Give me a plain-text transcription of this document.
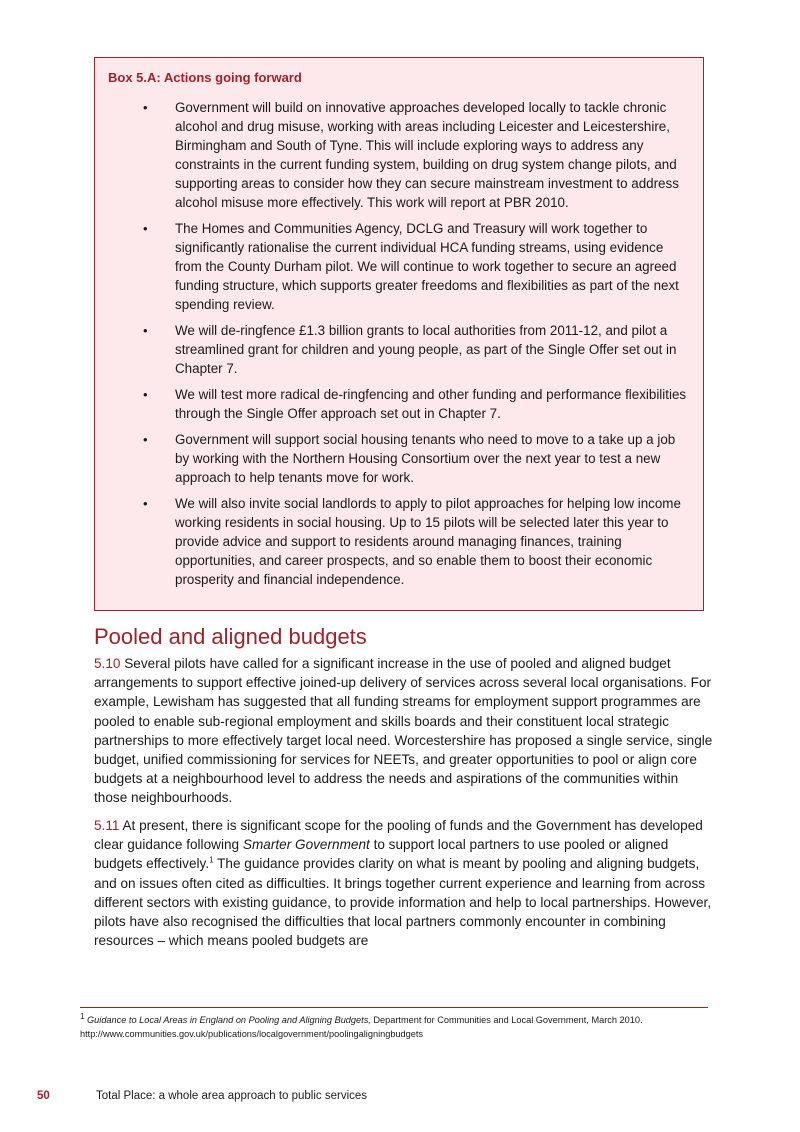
Box 5.A: Actions going forward
• Government will build on innovative approaches developed locally to tackle chronic alcohol and drug misuse, working with areas including Leicester and Leicestershire, Birmingham and South of Tyne. This will include exploring ways to address any constraints in the current funding system, building on drug system change pilots, and supporting areas to consider how they can secure mainstream investment to address alcohol misuse more effectively. This work will report at PBR 2010.
• The Homes and Communities Agency, DCLG and Treasury will work together to significantly rationalise the current individual HCA funding streams, using evidence from the County Durham pilot. We will continue to work together to secure an agreed funding structure, which supports greater freedoms and flexibilities as part of the next spending review.
• We will de-ringfence £1.3 billion grants to local authorities from 2011-12, and pilot a streamlined grant for children and young people, as part of the Single Offer set out in Chapter 7.
• We will test more radical de-ringfencing and other funding and performance flexibilities through the Single Offer approach set out in Chapter 7.
• Government will support social housing tenants who need to move to a take up a job by working with the Northern Housing Consortium over the next year to test a new approach to help tenants move for work.
• We will also invite social landlords to apply to pilot approaches for helping low income working residents in social housing. Up to 15 pilots will be selected later this year to provide advice and support to residents around managing finances, training opportunities, and career prospects, and so enable them to boost their economic prosperity and financial independence.
Pooled and aligned budgets

5.10 Several pilots have called for a significant increase in the use of pooled and aligned budget arrangements to support effective joined-up delivery of services across several local organisations. For example, Lewisham has suggested that all funding streams for employment support programmes are pooled to enable sub-regional employment and skills boards and their constituent local strategic partnerships to more effectively target local need. Worcestershire has proposed a single service, single budget, unified commissioning for services for NEETs, and greater opportunities to pool or align core budgets at a neighbourhood level to address the needs and aspirations of the communities within those neighbourhoods.

5.11 At present, there is significant scope for the pooling of funds and the Government has developed clear guidance following Smarter Government to support local partners to use pooled or aligned budgets effectively.$^1$ The guidance provides clarity on what is meant by pooling and aligning budgets, and on issues often cited as difficulties. It brings together current experience and learning from across different sectors with existing guidance, to provide information and help to local partnerships. However, pilots have also recognised the difficulties that local partners commonly encounter in combining resources – which means pooled budgets are

$^1$ Guidance to Local Areas in England on Pooling and Aligning Budgets, Department for Communities and Local Government, March 2010.
http://www.communities.gov.uk/publications/localgovernment/poolingaligningbudgets
50	Total Place: a whole area approach to public services
